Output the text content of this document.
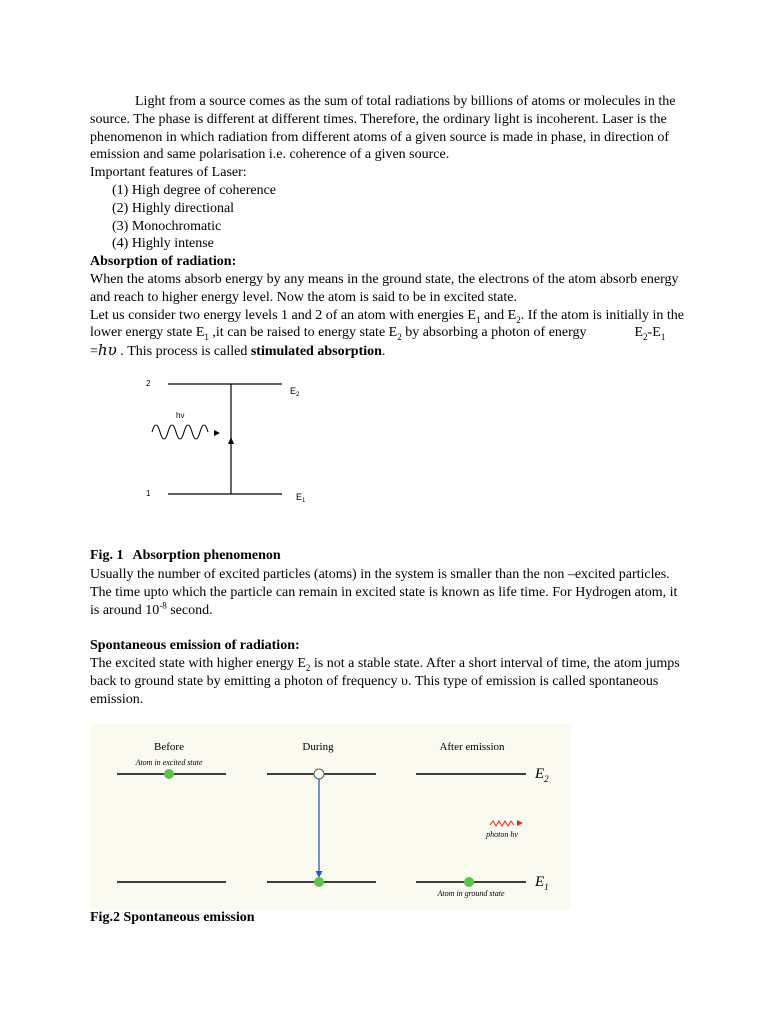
Light from a source comes as the sum of total radiations by billions of atoms or molecules in the source. The phase is different at different times. Therefore, the ordinary light is incoherent. Laser is the phenomenon in which radiation from different atoms of a given source is made in phase, in direction of emission and same polarisation i.e. coherence of a given source.

Important features of Laser:

(1) High degree of coherence
(2) Highly directional
(3) Monochromatic
(4) Highly intense

Absorption of radiation:

When the atoms absorb energy by any means in the ground state, the electrons of the atom absorb energy and reach to higher energy level. Now the atom is said to be in excited state.

Let us consider two energy levels 1 and 2 of an atom with energies $E_1$ and $E_2$. If the atom is initially in the lower energy state $E_1$ ,it can be raised to energy state $E_2$ by absorbing a photon of energy	$E_2-E_1 =h\upsilon$ . This process is called stimulated absorption.

2
1
hν
$E_2$
$E_1$
Fig. 1 Absorption phenomenon

Usually the number of excited particles (atoms) in the system is smaller than the non –excited particles. The time upto which the particle can remain in excited state is known as life time. For Hydrogen atom, it is around $10^{-8}$ second.

Spontaneous emission of radiation:

The excited state with higher energy $E_2$ is not a stable state. After a short interval of time, the atom jumps back to ground state by emitting a photon of frequency υ. This type of emission is called spontaneous emission.

Before	During	After emission
Atom in excited state
photon hv
Atom in ground state
$E_2$
$E_1$
Fig.2 Spontaneous emission
